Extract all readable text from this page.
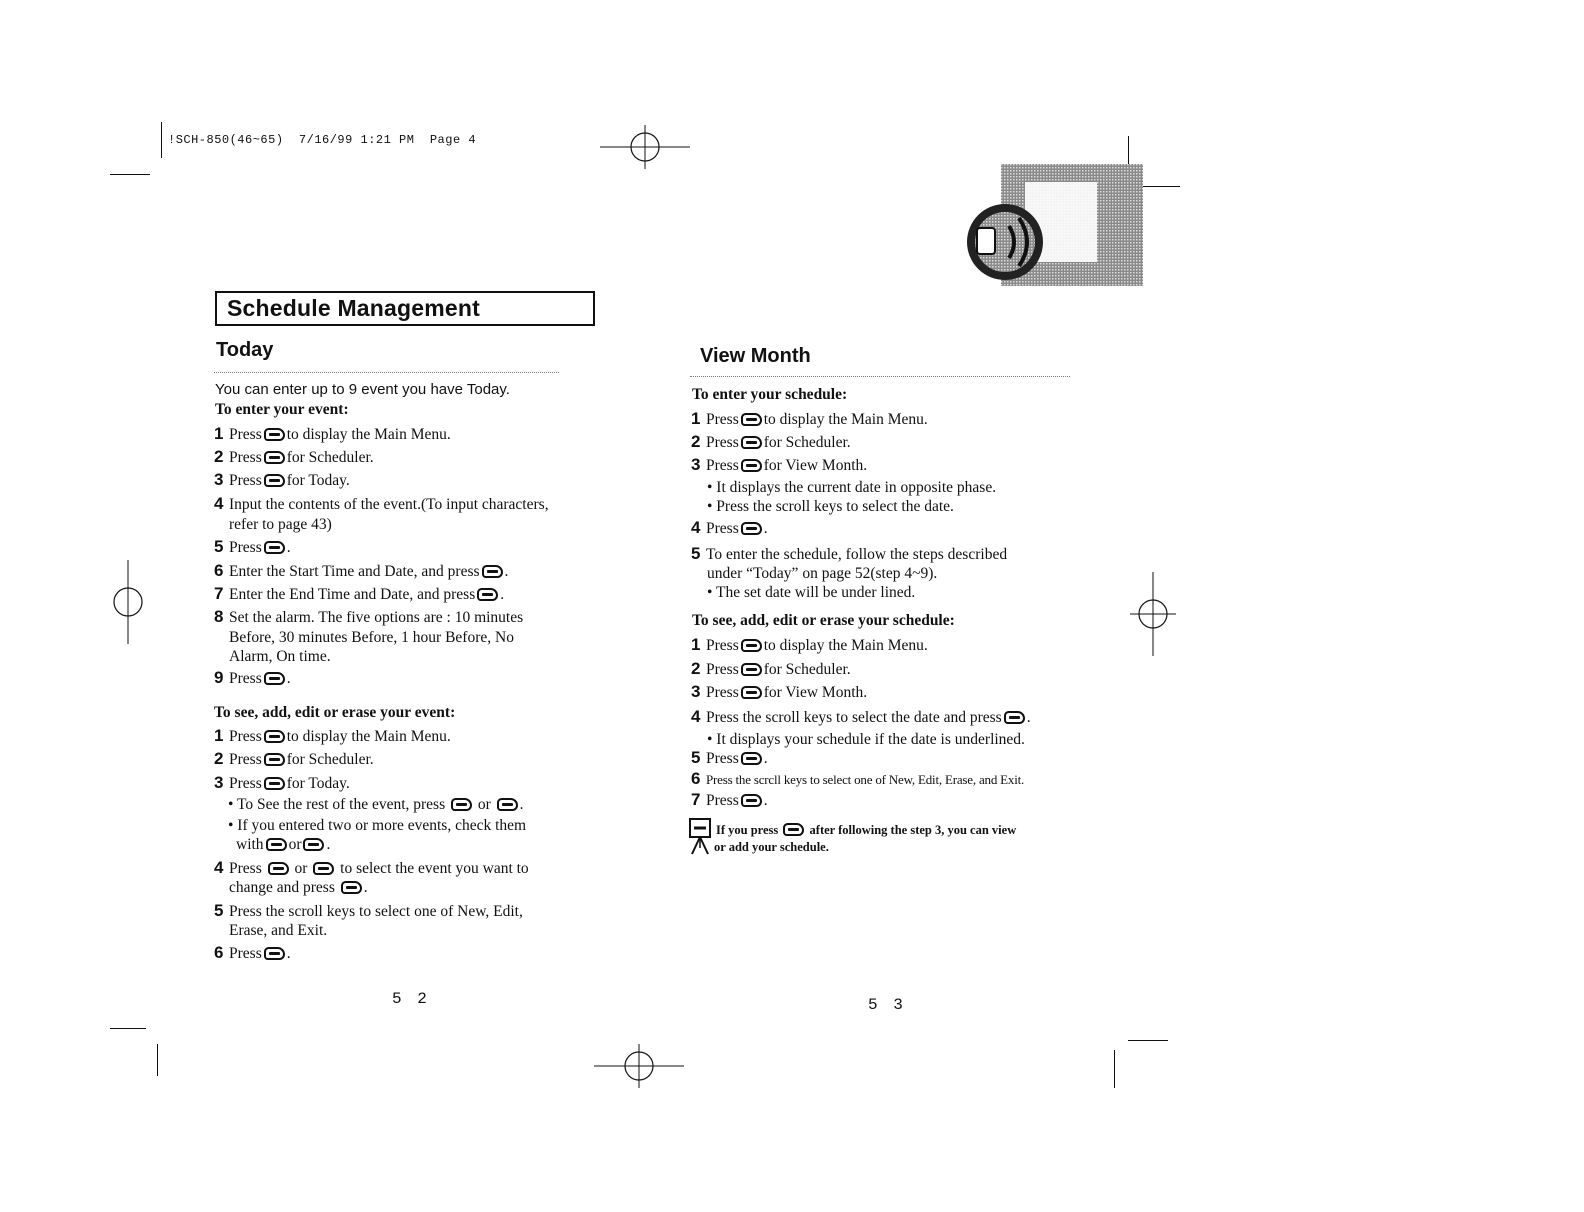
!SCH-850(46~65)  7/16/99 1:21 PM  Page 4
Schedule Management
Today
You can enter up to 9 event you have Today.
To enter your event:
1 Press to display the Main Menu.
2 Press for Scheduler.
3 Press for Today.
4 Input the contents of the event.(To input characters,
refer to page 43)
5 Press .
6 Enter the Start Time and Date, and press .
7 Enter the End Time and Date, and press .
8 Set the alarm. The five options are : 10 minutes
Before, 30 minutes Before, 1 hour Before, No
Alarm, On time.
9 Press .
To see, add, edit or erase your event:
1 Press to display the Main Menu.
2 Press for Scheduler.
3 Press for Today.
• To See the rest of the event, press or .
• If you entered two or more events, check them
with or .
4 Press or to select the event you want to
change and press .
5 Press the scroll keys to select one of New, Edit,
Erase, and Exit.
6 Press .
5 2
View Month
To enter your schedule:
1 Press to display the Main Menu.
2 Press for Scheduler.
3 Press for View Month.
• It displays the current date in opposite phase.
• Press the scroll keys to select the date.
4 Press .
5 To enter the schedule, follow the steps described
under “Today” on page 52(step 4~9).
• The set date will be under lined.
To see, add, edit or erase your schedule:
1 Press to display the Main Menu.
2 Press for Scheduler.
3 Press for View Month.
4 Press the scroll keys to select the date and press .
• It displays your schedule if the date is underlined.
5 Press .
6 Press the scrcll keys to select one of New, Edit, Erase, and Exit.
7 Press .
If you press	after following the step 3, you can view
or add your schedule.
5 3
